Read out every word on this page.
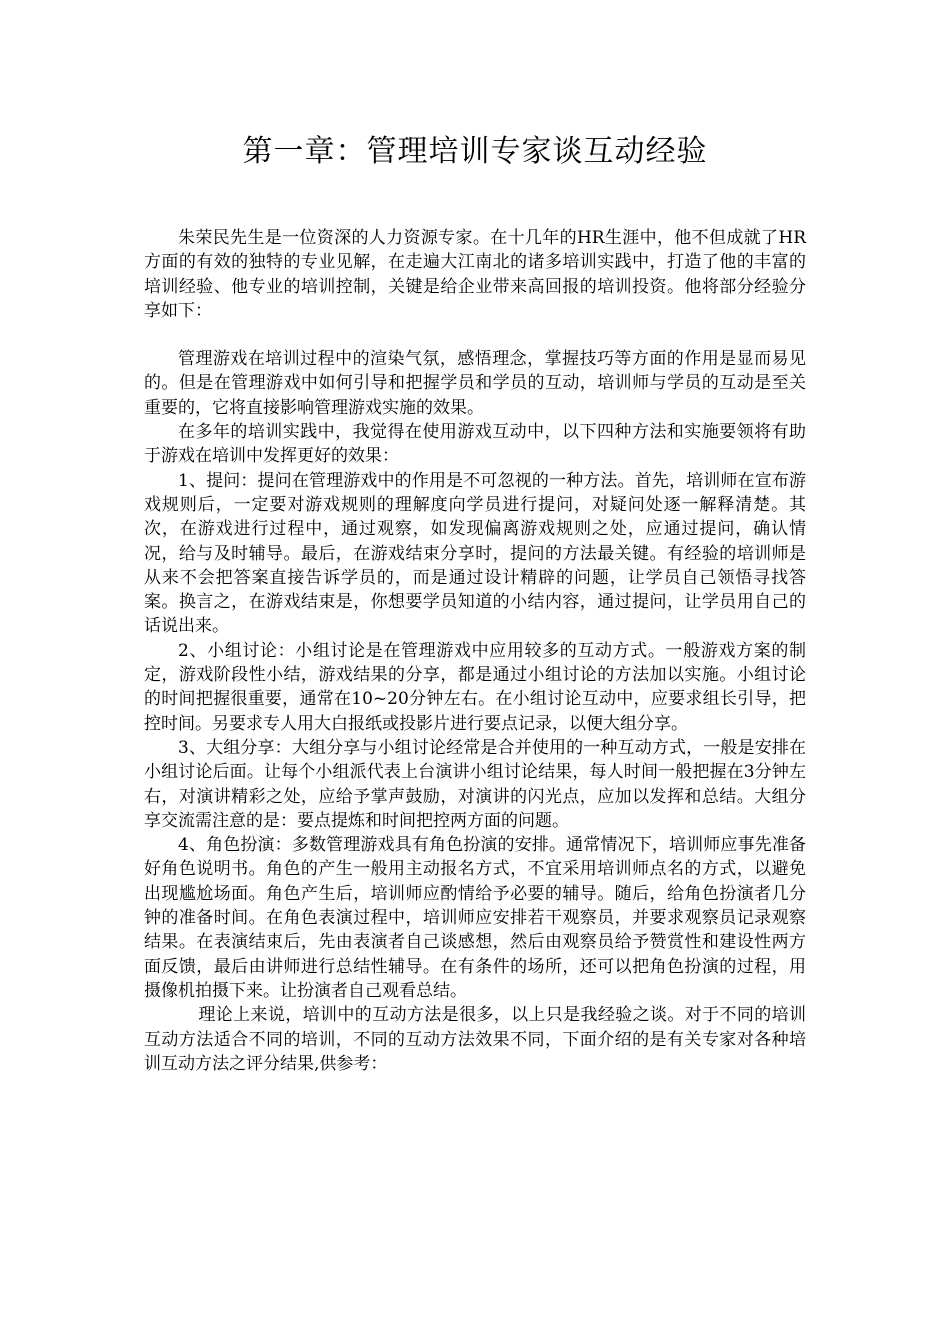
第一章：管理培训专家谈互动经验

朱荣民先生是一位资深的人力资源专家。在十几年的HR生涯中，他不但成就了HR方面的有效的独特的专业见解，在走遍大江南北的诸多培训实践中，打造了他的丰富的培训经验、他专业的培训控制，关键是给企业带来高回报的培训投资。他将部分经验分享如下：

管理游戏在培训过程中的渲染气氛，感悟理念，掌握技巧等方面的作用是显而易见的。但是在管理游戏中如何引导和把握学员和学员的互动，培训师与学员的互动是至关重要的，它将直接影响管理游戏实施的效果。

在多年的培训实践中，我觉得在使用游戏互动中，以下四种方法和实施要领将有助于游戏在培训中发挥更好的效果：

1、提问：提问在管理游戏中的作用是不可忽视的一种方法。首先，培训师在宣布游戏规则后，一定要对游戏规则的理解度向学员进行提问，对疑问处逐一解释清楚。其次，在游戏进行过程中，通过观察，如发现偏离游戏规则之处，应通过提问，确认情况，给与及时辅导。最后，在游戏结束分享时，提问的方法最关键。有经验的培训师是从来不会把答案直接告诉学员的，而是通过设计精辟的问题，让学员自己领悟寻找答案。换言之，在游戏结束是，你想要学员知道的小结内容，通过提问，让学员用自己的话说出来。

2、小组讨论：小组讨论是在管理游戏中应用较多的互动方式。一般游戏方案的制定，游戏阶段性小结，游戏结果的分享，都是通过小组讨论的方法加以实施。小组讨论的时间把握很重要，通常在10~20分钟左右。在小组讨论互动中，应要求组长引导，把控时间。另要求专人用大白报纸或投影片进行要点记录，以便大组分享。

3、大组分享：大组分享与小组讨论经常是合并使用的一种互动方式，一般是安排在小组讨论后面。让每个小组派代表上台演讲小组讨论结果，每人时间一般把握在3分钟左右，对演讲精彩之处，应给予掌声鼓励，对演讲的闪光点，应加以发挥和总结。大组分享交流需注意的是：要点提炼和时间把控两方面的问题。

4、角色扮演：多数管理游戏具有角色扮演的安排。通常情况下，培训师应事先准备好角色说明书。角色的产生一般用主动报名方式，不宜采用培训师点名的方式，以避免出现尴尬场面。角色产生后，培训师应酌情给予必要的辅导。随后，给角色扮演者几分钟的准备时间。在角色表演过程中，培训师应安排若干观察员，并要求观察员记录观察结果。在表演结束后，先由表演者自己谈感想，然后由观察员给予赞赏性和建设性两方面反馈，最后由讲师进行总结性辅导。在有条件的场所，还可以把角色扮演的过程，用摄像机拍摄下来。让扮演者自己观看总结。

理论上来说，培训中的互动方法是很多，以上只是我经验之谈。对于不同的培训互动方法适合不同的培训，不同的互动方法效果不同，下面介绍的是有关专家对各种培训互动方法之评分结果,供参考：
